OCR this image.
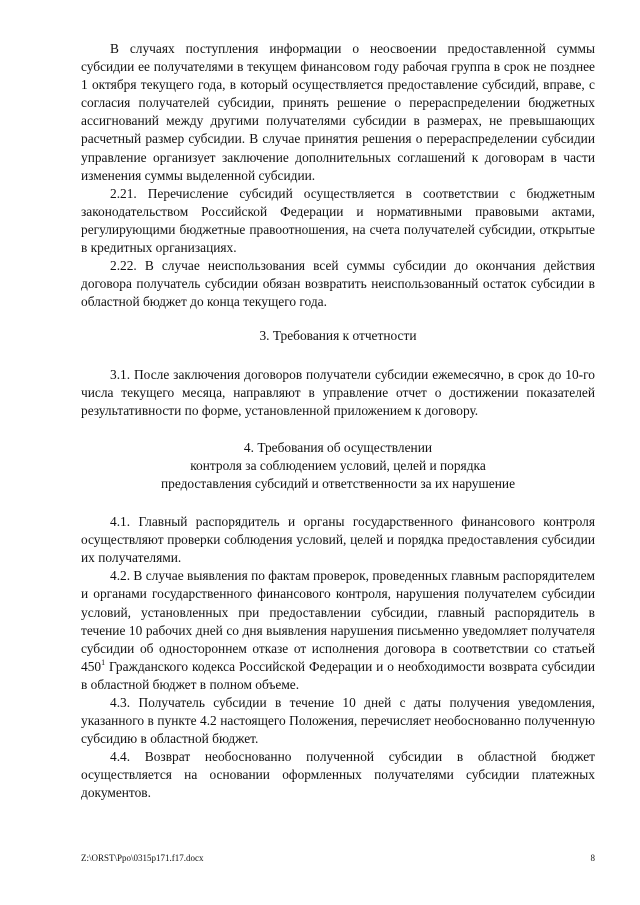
В случаях поступления информации о неосвоении предоставленной суммы субсидии ее получателями в текущем финансовом году рабочая группа в срок не позднее 1 октября текущего года, в который осуществляется предоставление субсидий, вправе, с согласия получателей субсидии, принять решение о перераспределении бюджетных ассигнований между другими получателями субсидии в размерах, не превышающих расчетный размер субсидии. В случае принятия решения о перераспределении субсидии управление организует заключение дополнительных соглашений к договорам в части изменения суммы выделенной субсидии.

2.21. Перечисление субсидий осуществляется в соответствии с бюджетным законодательством Российской Федерации и нормативными правовыми актами, регулирующими бюджетные правоотношения, на счета получателей субсидии, открытые в кредитных организациях.

2.22. В случае неиспользования всей суммы субсидии до окончания действия договора получатель субсидии обязан возвратить неиспользованный остаток субсидии в областной бюджет до конца текущего года.

3. Требования к отчетности

3.1. После заключения договоров получатели субсидии ежемесячно, в срок до 10-го числа текущего месяца, направляют в управление отчет о достижении показателей результативности по форме, установленной приложением к договору.

4. Требования об осуществлении
контроля за соблюдением условий, целей и порядка
предоставления субсидий и ответственности за их нарушение

4.1. Главный распорядитель и органы государственного финансового контроля осуществляют проверки соблюдения условий, целей и порядка предоставления субсидии их получателями.

4.2. В случае выявления по фактам проверок, проведенных главным распорядителем и органами государственного финансового контроля, нарушения получателем субсидии условий, установленных при предоставлении субсидии, главный распорядитель в течение 10 рабочих дней со дня выявления нарушения письменно уведомляет получателя субсидии об одностороннем отказе от исполнения договора в соответствии со статьей $450^1$ Гражданского кодекса Российской Федерации и о необходимости возврата субсидии в областной бюджет в полном объеме.

4.3. Получатель субсидии в течение 10 дней с даты получения уведомления, указанного в пункте 4.2 настоящего Положения, перечисляет необоснованно полученную субсидию в областной бюджет.

4.4. Возврат необоснованно полученной субсидии в областной бюджет осуществляется на основании оформленных получателями субсидии платежных документов.

Z:\ORST\Ppo\0315p171.f17.docx	8
